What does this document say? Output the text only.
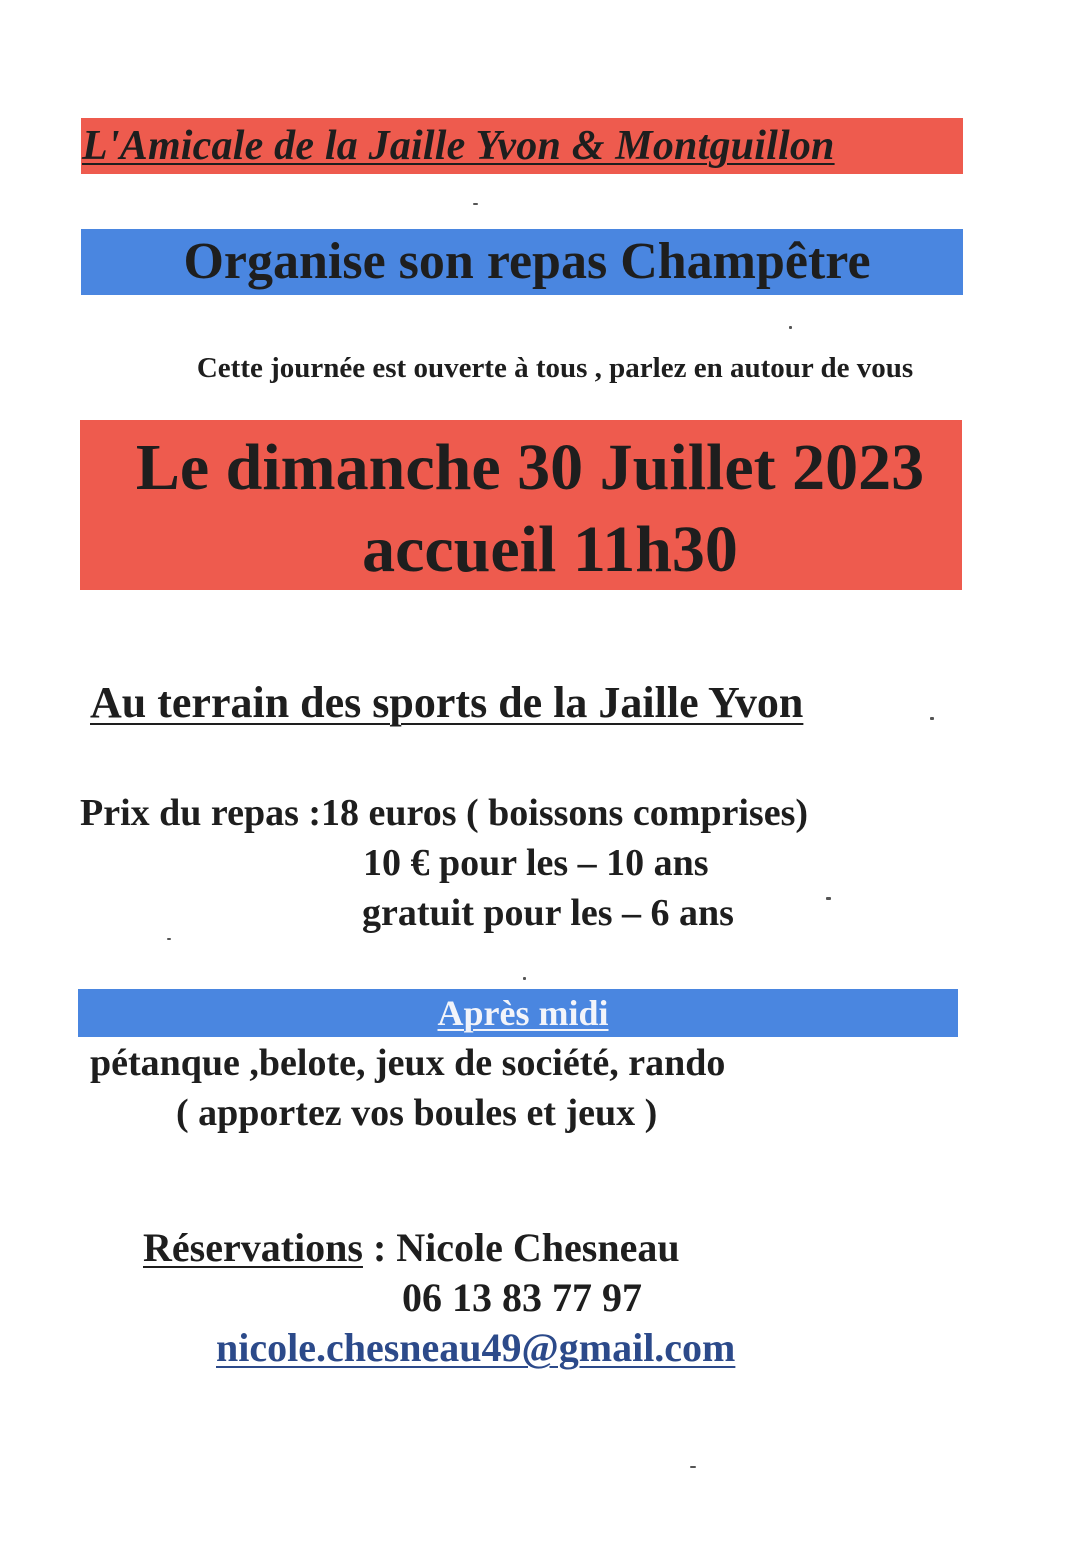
L'Amicale de la Jaille Yvon & Montguillon
Organise son repas Champêtre
Cette journée est ouverte à tous , parlez en autour de vous
Le dimanche 30 Juillet 2023
accueil 11h30
Au terrain des sports de la Jaille Yvon
Prix du repas :18 euros ( boissons comprises)
10 € pour les – 10 ans
gratuit pour les – 6 ans
Après midi
pétanque ,belote, jeux de société, rando
( apportez vos boules et jeux )
Réservations : Nicole Chesneau
06 13 83 77 97
nicole.chesneau49@gmail.com
